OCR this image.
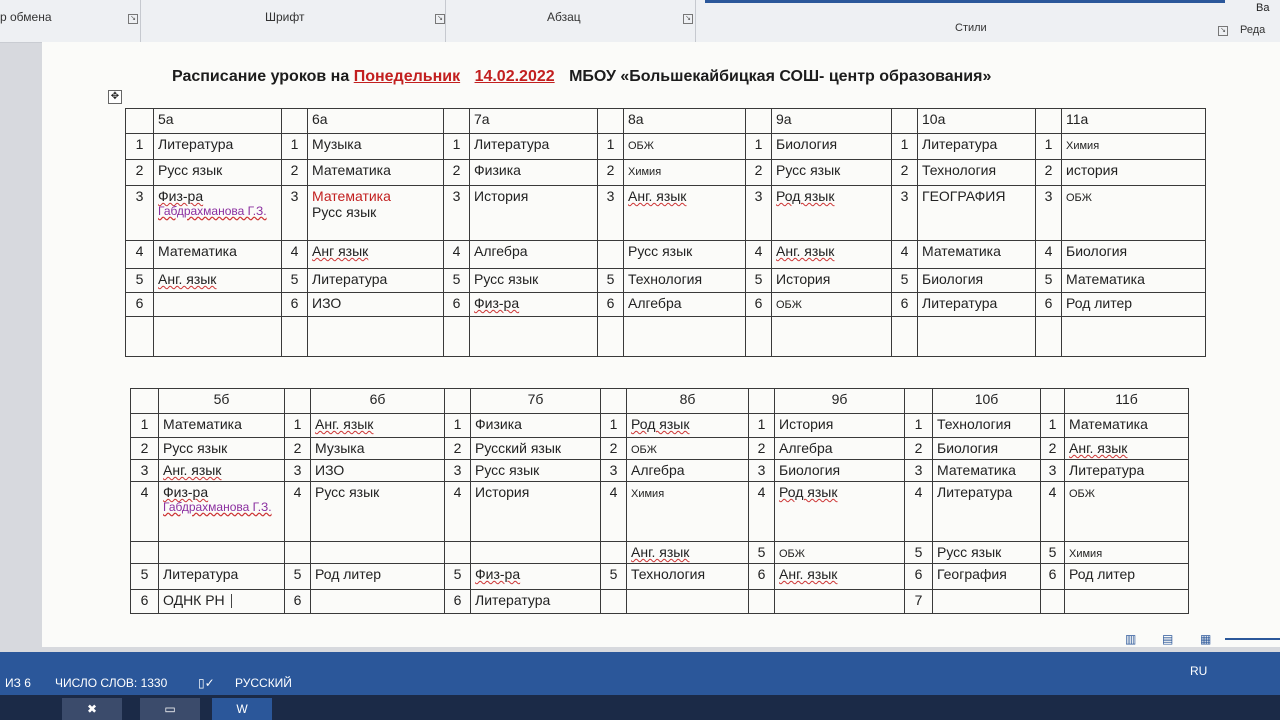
р обмена	↘	Шрифт	↘	Абзац	↘
Стили	↘ Реда
Ва
Расписание уроков на Понедельник 14.02.2022 МБОУ «Большекайбицкая СОШ- центр образования»
✥
	5а		6а		7а		8а		9а		10а		11а
1	Литература	1	Музыка	1	Литература	1	ОБЖ	1	Биология	1	Литература	1	Химия
2	Русс язык	2	Математика	2	Физика	2	Химия	2	Русс язык	2	Технология	2	история
3	Физ-ра
Габдрахманова Г.З.	3	Математика
Русс язык	3	История	3	Анг. язык	3	Род язык	3	ГЕОГРАФИЯ	3	ОБЖ
4	Математика	4	Анг язык	4	Алгебра		Русс язык	4	Анг. язык	4	Математика	4	Биология
5	Анг. язык	5	Литература	5	Русс язык	5	Технология	5	История	5	Биология	5	Математика
6		6	ИЗО	6	Физ-ра	6	Алгебра	6	ОБЖ	6	Литература	6	Род литер

	5б		6б		7б		8б		9б		10б		11б
1	Математика	1	Анг. язык	1	Физика	1	Род язык	1	История	1	Технология	1	Математика
2	Русс язык	2	Музыка	2	Русский язык	2	ОБЖ	2	Алгебра	2	Биология	2	Анг. язык
3	Анг. язык	3	ИЗО	3	Русс язык	3	Алгебра	3	Биология	3	Математика	3	Литература
4	Физ-ра
Габдрахманова Г.З.	4	Русс язык	4	История	4	Химия	4	Род язык	4	Литература	4	ОБЖ
							Анг. язык	5	ОБЖ	5	Русс язык	5	Химия
5	Литература	5	Род литер	5	Физ-ра	5	Технология	6	Анг. язык	6	География	6	Род литер
6	ОДНК РН	6		6	Литература					7			
▥ ▤ ▦
ИЗ 6 ЧИСЛО СЛОВ: 1330	▯✓ РУССКИЙ
RU
✖	▭	W
